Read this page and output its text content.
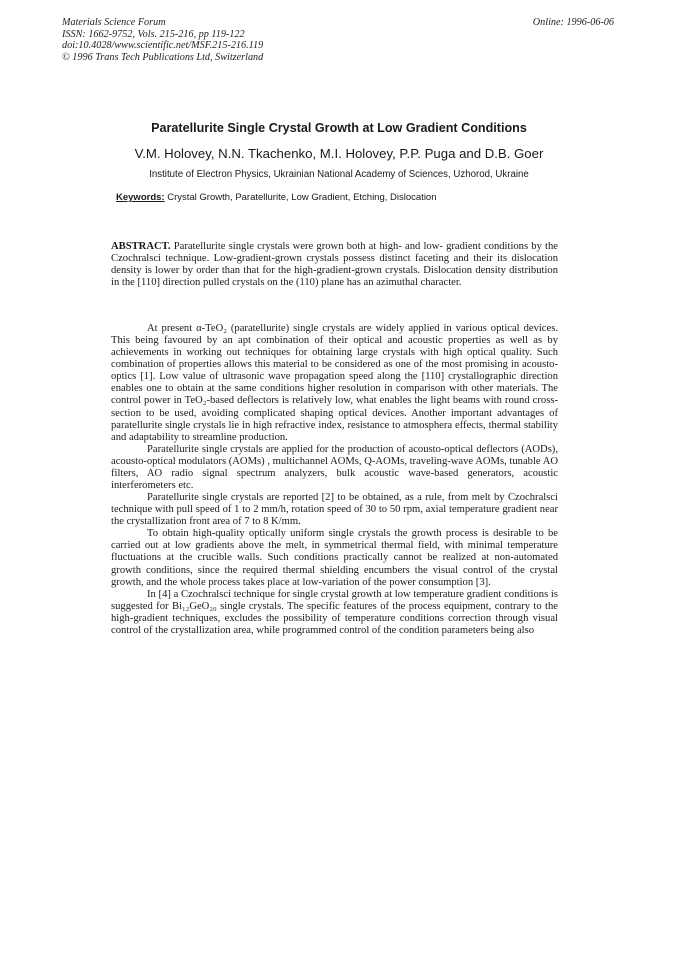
Materials Science Forum
ISSN: 1662-9752, Vols. 215-216, pp 119-122
doi:10.4028/www.scientific.net/MSF.215-216.119
© 1996 Trans Tech Publications Ltd, Switzerland
Online: 1996-06-06
Paratellurite Single Crystal Growth at Low Gradient Conditions
V.M. Holovey, N.N. Tkachenko, M.I. Holovey, P.P. Puga and D.B. Goer
Institute of Electron Physics, Ukrainian National Academy of Sciences, Uzhorod, Ukraine
Keywords: Crystal Growth, Paratellurite, Low Gradient, Etching, Dislocation

ABSTRACT. Paratellurite single crystals were grown both at high- and low- gradient conditions by the Czochralsci technique. Low-gradient-grown crystals possess distinct faceting and their its dislocation density is lower by order than that for the high-gradient-grown crystals. Dislocation density distribution in the [110] direction pulled crystals on the (110) plane has an azimuthal character.

At present α-TeO₂ (paratellurite) single crystals are widely applied in various optical devices. This being favoured by an apt combination of their optical and acoustic properties as well as by achievements in working out techniques for obtaining large crystals with high optical quality. Such combination of properties allows this material to be considered as one of the most promising in acousto-optics [1]. Low value of ultrasonic wave propagation speed along the [110] crystallographic direction enables one to obtain at the same conditions higher resolution in comparison with other materials. The control power in TeO₂-based deflectors is relatively low, what enables the light beams with round cross-section to be used, avoiding complicated shaping optical devices. Another important advantages of paratellurite single crystals lie in high refractive index, resistance to atmosphera effects, thermal stability and adaptability to streamline production.

Paratellurite single crystals are applied for the production of acousto-optical deflectors (AODs), acousto-optical modulators (AOMs) , multichannel AOMs, Q-AOMs, traveling-wave AOMs, tunable AO filters, AO radio signal spectrum analyzers, bulk acoustic wave-based generators, acoustic interferometers etc.

Paratellurite single crystals are reported [2] to be obtained, as a rule, from melt by Czochralsci technique with pull speed of 1 to 2 mm/h, rotation speed of 30 to 50 rpm, axial temperature gradient near the crystallization front area of 7 to 8 K/mm.

To obtain high-quality optically uniform single crystals the growth process is desirable to be carried out at low gradients above the melt, in symmetrical thermal field, with minimal temperature fluctuations at the crucible walls. Such conditions practically cannot be realized at non-automated growth conditions, since the required thermal shielding encumbers the visual control of the crystal growth, and the whole process takes place at low-variation of the power consumption [3].

In [4] a Czochralsci technique for single crystal growth at low temperature gradient conditions is suggested for Bi₁₂GeO₂₀ single crystals. The specific features of the process equipment, contrary to the high-gradient techniques, excludes the possibility of temperature conditions correction through visual control of the crystallization area, while programmed control of the condition parameters being also
